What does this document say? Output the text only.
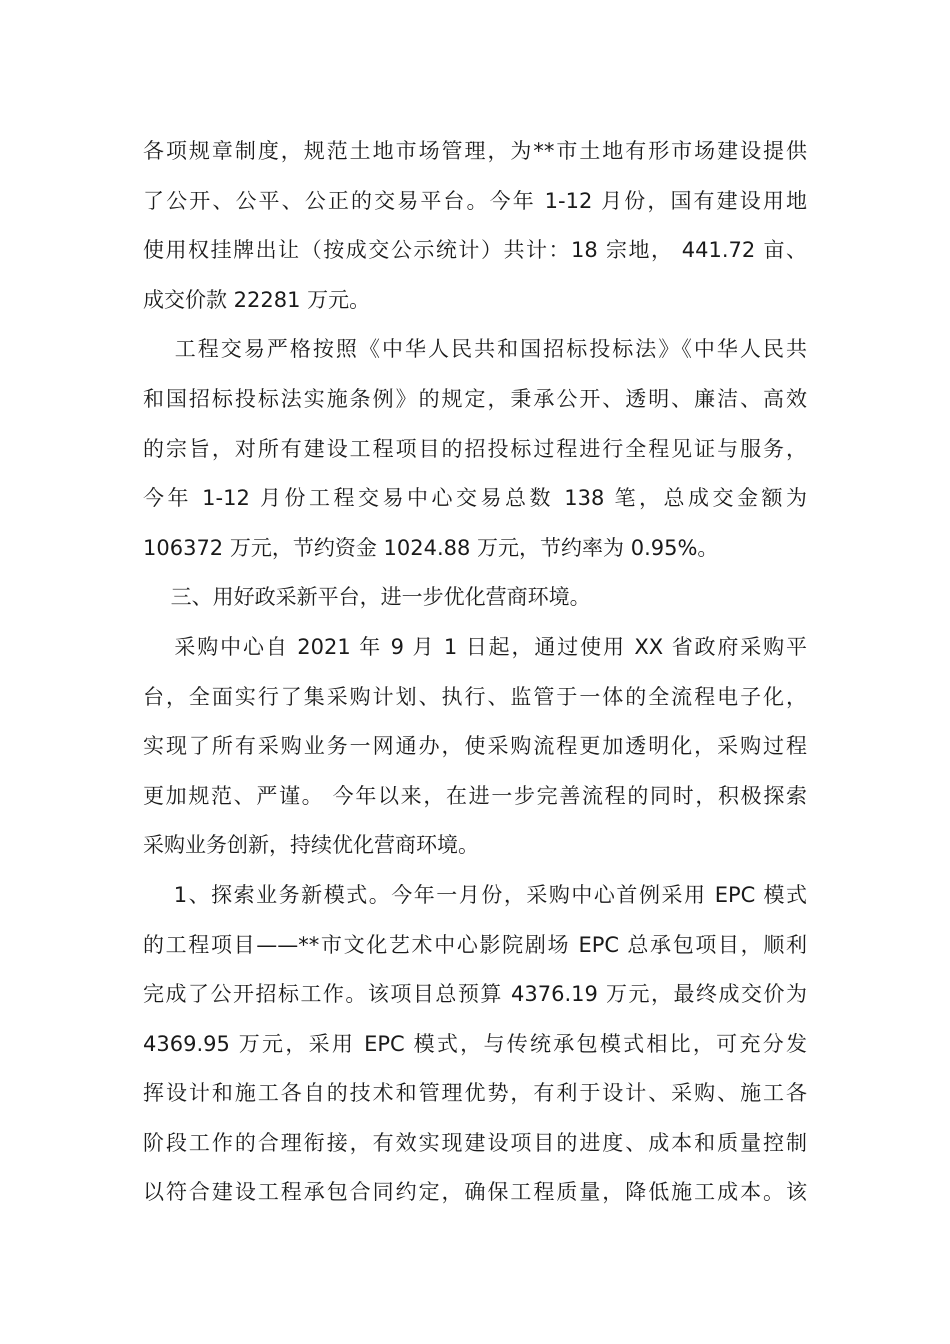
各项规章制度，规范土地市场管理，为**市土地有形市场建设提供
了公开、公平、公正的交易平台。今年 1-12 月份，国有建设用地
使用权挂牌出让（按成交公示统计）共计：18 宗地， 441.72 亩、
成交价款 22281 万元。
　 工程交易严格按照《中华人民共和国招标投标法》《中华人民共
和国招标投标法实施条例》的规定，秉承公开、透明、廉洁、高效
的宗旨，对所有建设工程项目的招投标过程进行全程见证与服务，
今年 1-12 月份工程交易中心交易总数 138 笔，总成交金额为
106372 万元，节约资金 1024.88 万元，节约率为 0.95%。
　 三、用好政采新平台，进一步优化营商环境。
　 采购中心自 2021 年 9 月 1 日起，通过使用 XX 省政府采购平
台，全面实行了集采购计划、执行、监管于一体的全流程电子化，
实现了所有采购业务一网通办，使采购流程更加透明化，采购过程
更加规范、严谨。 今年以来，在进一步完善流程的同时，积极探索
采购业务创新，持续优化营商环境。
　 1、探索业务新模式。今年一月份，采购中心首例采用 EPC 模式
的工程项目——**市文化艺术中心影院剧场 EPC 总承包项目，顺利
完成了公开招标工作。该项目总预算 4376.19 万元，最终成交价为
4369.95 万元，采用 EPC 模式，与传统承包模式相比，可充分发
挥设计和施工各自的技术和管理优势，有利于设计、采购、施工各
阶段工作的合理衔接，有效实现建设项目的进度、成本和质量控制
以符合建设工程承包合同约定，确保工程质量，降低施工成本。该
